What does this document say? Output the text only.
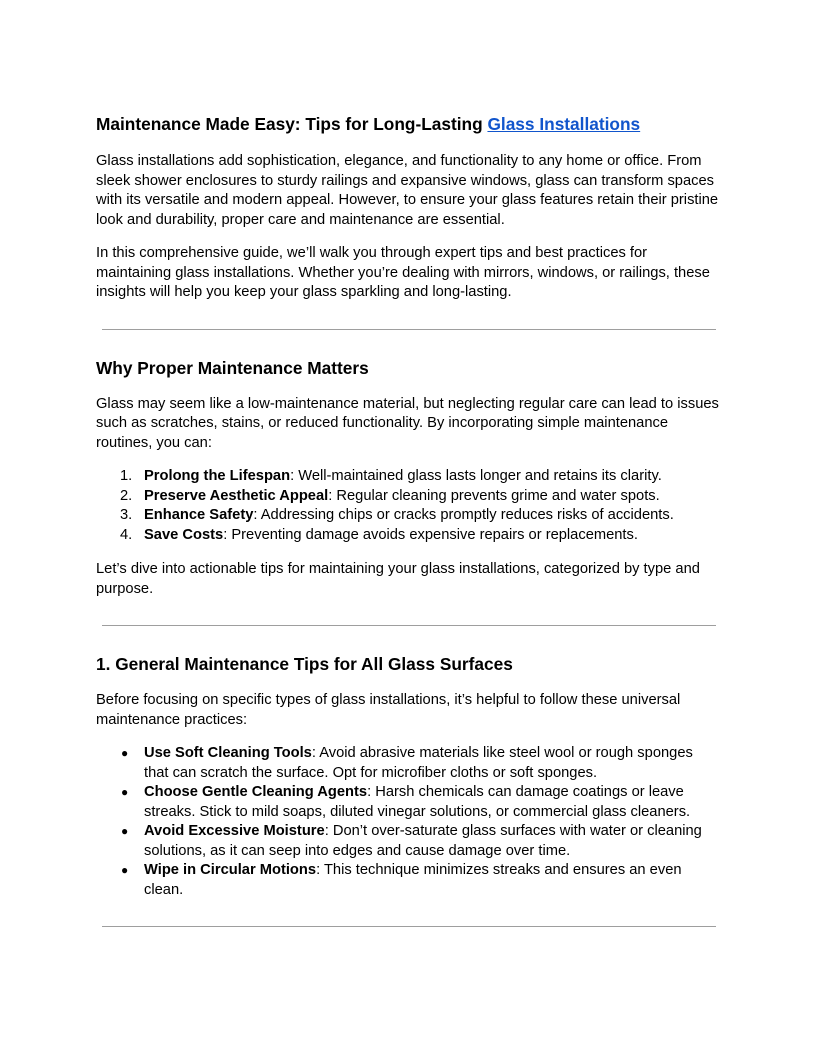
Maintenance Made Easy: Tips for Long-Lasting Glass Installations

Glass installations add sophistication, elegance, and functionality to any home or office. From sleek shower enclosures to sturdy railings and expansive windows, glass can transform spaces with its versatile and modern appeal. However, to ensure your glass features retain their pristine look and durability, proper care and maintenance are essential.

In this comprehensive guide, we’ll walk you through expert tips and best practices for maintaining glass installations. Whether you’re dealing with mirrors, windows, or railings, these insights will help you keep your glass sparkling and long-lasting.

Why Proper Maintenance Matters

Glass may seem like a low-maintenance material, but neglecting regular care can lead to issues such as scratches, stains, or reduced functionality. By incorporating simple maintenance routines, you can:

1. Prolong the Lifespan: Well-maintained glass lasts longer and retains its clarity.
2. Preserve Aesthetic Appeal: Regular cleaning prevents grime and water spots.
3. Enhance Safety: Addressing chips or cracks promptly reduces risks of accidents.
4. Save Costs: Preventing damage avoids expensive repairs or replacements.

Let’s dive into actionable tips for maintaining your glass installations, categorized by type and purpose.

1. General Maintenance Tips for All Glass Surfaces

Before focusing on specific types of glass installations, it’s helpful to follow these universal maintenance practices:

●	Use Soft Cleaning Tools: Avoid abrasive materials like steel wool or rough sponges that can scratch the surface. Opt for microfiber cloths or soft sponges.
●	Choose Gentle Cleaning Agents: Harsh chemicals can damage coatings or leave streaks. Stick to mild soaps, diluted vinegar solutions, or commercial glass cleaners.
●	Avoid Excessive Moisture: Don’t over-saturate glass surfaces with water or cleaning solutions, as it can seep into edges and cause damage over time.
●	Wipe in Circular Motions: This technique minimizes streaks and ensures an even clean.
